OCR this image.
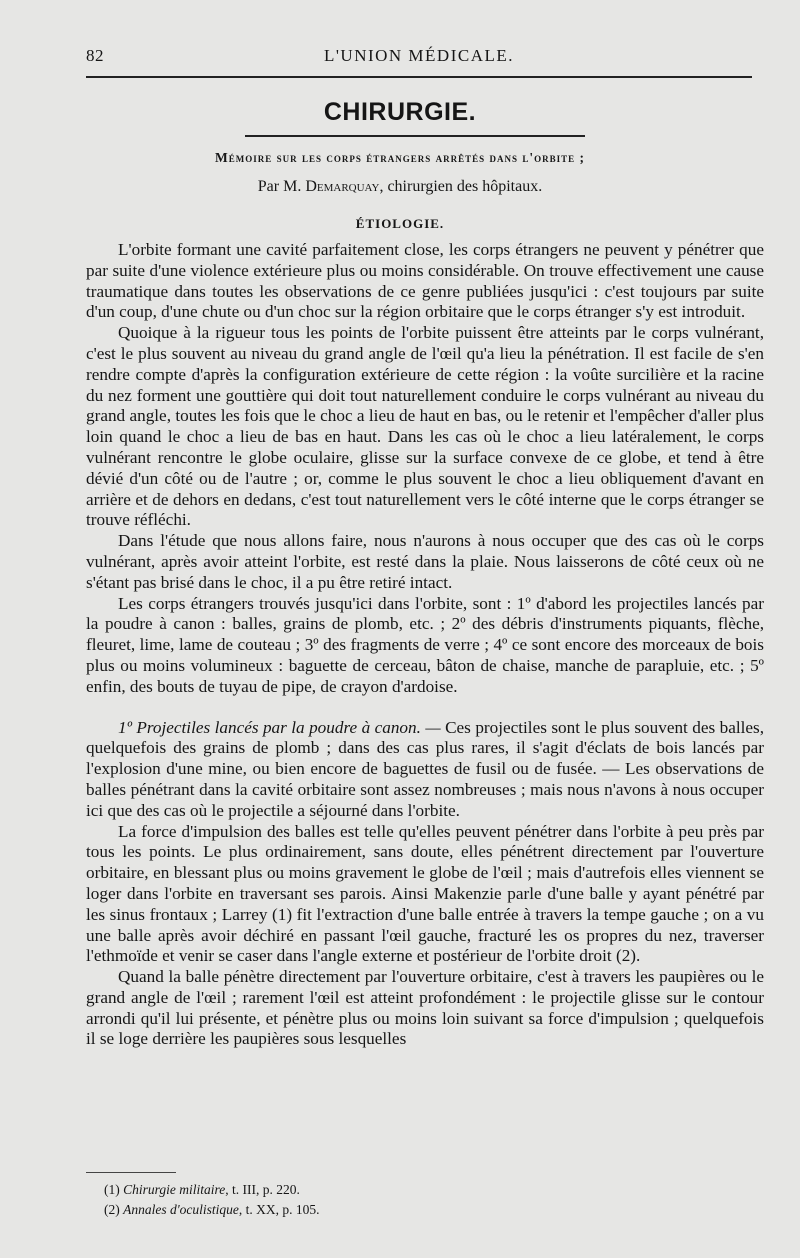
82	L'UNION MÉDICALE.
CHIRURGIE.
Mémoire sur les corps étrangers arrêtés dans l'orbite ;
Par M. Demarquay, chirurgien des hôpitaux.
ÉTIOLOGIE.

L'orbite formant une cavité parfaitement close, les corps étrangers ne peuvent y pénétrer que par suite d'une violence extérieure plus ou moins considérable. On trouve effectivement une cause traumatique dans toutes les observations de ce genre publiées jusqu'ici : c'est toujours par suite d'un coup, d'une chute ou d'un choc sur la région orbitaire que le corps étranger s'y est introduit.

Quoique à la rigueur tous les points de l'orbite puissent être atteints par le corps vulnérant, c'est le plus souvent au niveau du grand angle de l'œil qu'a lieu la pénétration. Il est facile de s'en rendre compte d'après la configuration extérieure de cette région : la voûte surcilière et la racine du nez forment une gouttière qui doit tout naturellement conduire le corps vulnérant au niveau du grand angle, toutes les fois que le choc a lieu de haut en bas, ou le retenir et l'empêcher d'aller plus loin quand le choc a lieu de bas en haut. Dans les cas où le choc a lieu latéralement, le corps vulnérant rencontre le globe oculaire, glisse sur la surface convexe de ce globe, et tend à être dévié d'un côté ou de l'autre ; or, comme le plus souvent le choc a lieu obliquement d'avant en arrière et de dehors en dedans, c'est tout naturellement vers le côté interne que le corps étranger se trouve réfléchi.

Dans l'étude que nous allons faire, nous n'aurons à nous occuper que des cas où le corps vulnérant, après avoir atteint l'orbite, est resté dans la plaie. Nous laisserons de côté ceux où ne s'étant pas brisé dans le choc, il a pu être retiré intact.

Les corps étrangers trouvés jusqu'ici dans l'orbite, sont : 1º d'abord les projectiles lancés par la poudre à canon : balles, grains de plomb, etc. ; 2º des débris d'instruments piquants, flèche, fleuret, lime, lame de couteau ; 3º des fragments de verre ; 4º ce sont encore des morceaux de bois plus ou moins volumineux : baguette de cerceau, bâton de chaise, manche de parapluie, etc. ; 5º enfin, des bouts de tuyau de pipe, de crayon d'ardoise.

1º Projectiles lancés par la poudre à canon. — Ces projectiles sont le plus souvent des balles, quelquefois des grains de plomb ; dans des cas plus rares, il s'agit d'éclats de bois lancés par l'explosion d'une mine, ou bien encore de baguettes de fusil ou de fusée. — Les observations de balles pénétrant dans la cavité orbitaire sont assez nombreuses ; mais nous n'avons à nous occuper ici que des cas où le projectile a séjourné dans l'orbite.

La force d'impulsion des balles est telle qu'elles peuvent pénétrer dans l'orbite à peu près par tous les points. Le plus ordinairement, sans doute, elles pénétrent directement par l'ouverture orbitaire, en blessant plus ou moins gravement le globe de l'œil ; mais d'autrefois elles viennent se loger dans l'orbite en traversant ses parois. Ainsi Makenzie parle d'une balle y ayant pénétré par les sinus frontaux ; Larrey (1) fit l'extraction d'une balle entrée à travers la tempe gauche ; on a vu une balle après avoir déchiré en passant l'œil gauche, fracturé les os propres du nez, traverser l'ethmoïde et venir se caser dans l'angle externe et postérieur de l'orbite droit (2).

Quand la balle pénètre directement par l'ouverture orbitaire, c'est à travers les paupières ou le grand angle de l'œil ; rarement l'œil est atteint profondément : le projectile glisse sur le contour arrondi qu'il lui présente, et pénètre plus ou moins loin suivant sa force d'impulsion ; quelquefois il se loge derrière les paupières sous lesquelles

(1) Chirurgie militaire, t. III, p. 220.
(2) Annales d'oculistique, t. XX, p. 105.
